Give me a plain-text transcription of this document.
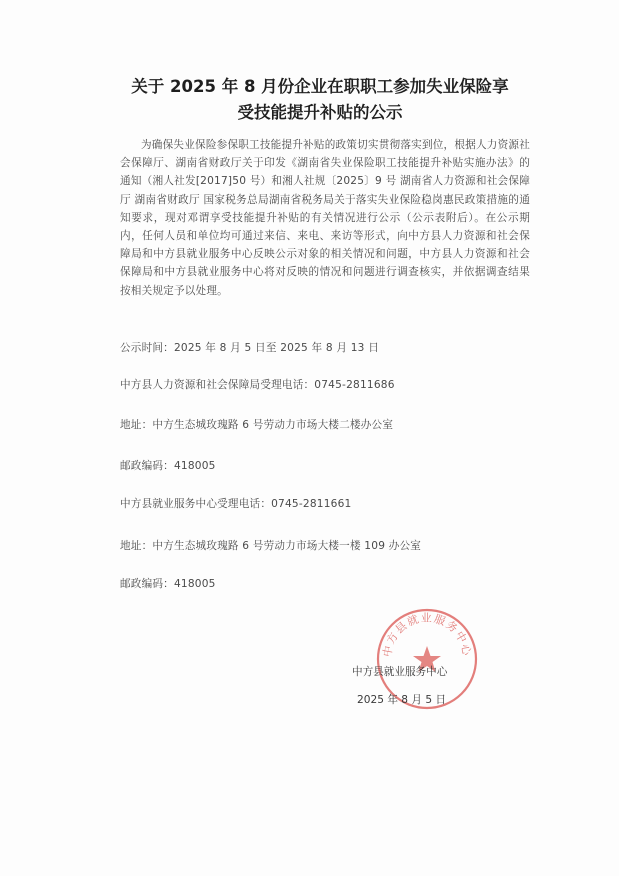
关于 2025 年 8 月份企业在职职工参加失业保险享
受技能提升补贴的公示
为确保失业保险参保职工技能提升补贴的政策切实贯彻落实到位，根据人力资源社会保障厅、湖南省财政厅关于印发《湖南省失业保险职工技能提升补贴实施办法》的通知（湘人社发[2017]50 号）和湘人社规〔2025〕9 号 湖南省人力资源和社会保障厅 湖南省财政厅 国家税务总局湖南省税务局关于落实失业保险稳岗惠民政策措施的通知要求，现对邓谓享受技能提升补贴的有关情况进行公示（公示表附后）。在公示期内，任何人员和单位均可通过来信、来电、来访等形式，向中方县人力资源和社会保障局和中方县就业服务中心反映公示对象的相关情况和问题，中方县人力资源和社会保障局和中方县就业服务中心将对反映的情况和问题进行调查核实，并依据调查结果按相关规定予以处理。
公示时间：2025 年 8 月 5 日至 2025 年 8 月 13 日
中方县人力资源和社会保障局受理电话：0745-2811686
地址：中方生态城玫瑰路 6 号劳动力市场大楼二楼办公室
邮政编码：418005
中方县就业服务中心受理电话：0745-2811661
地址：中方生态城玫瑰路 6 号劳动力市场大楼一楼 109 办公室
邮政编码：418005
中方县就业服务中心
中方县就业服务中心
2025 年 8 月 5 日
